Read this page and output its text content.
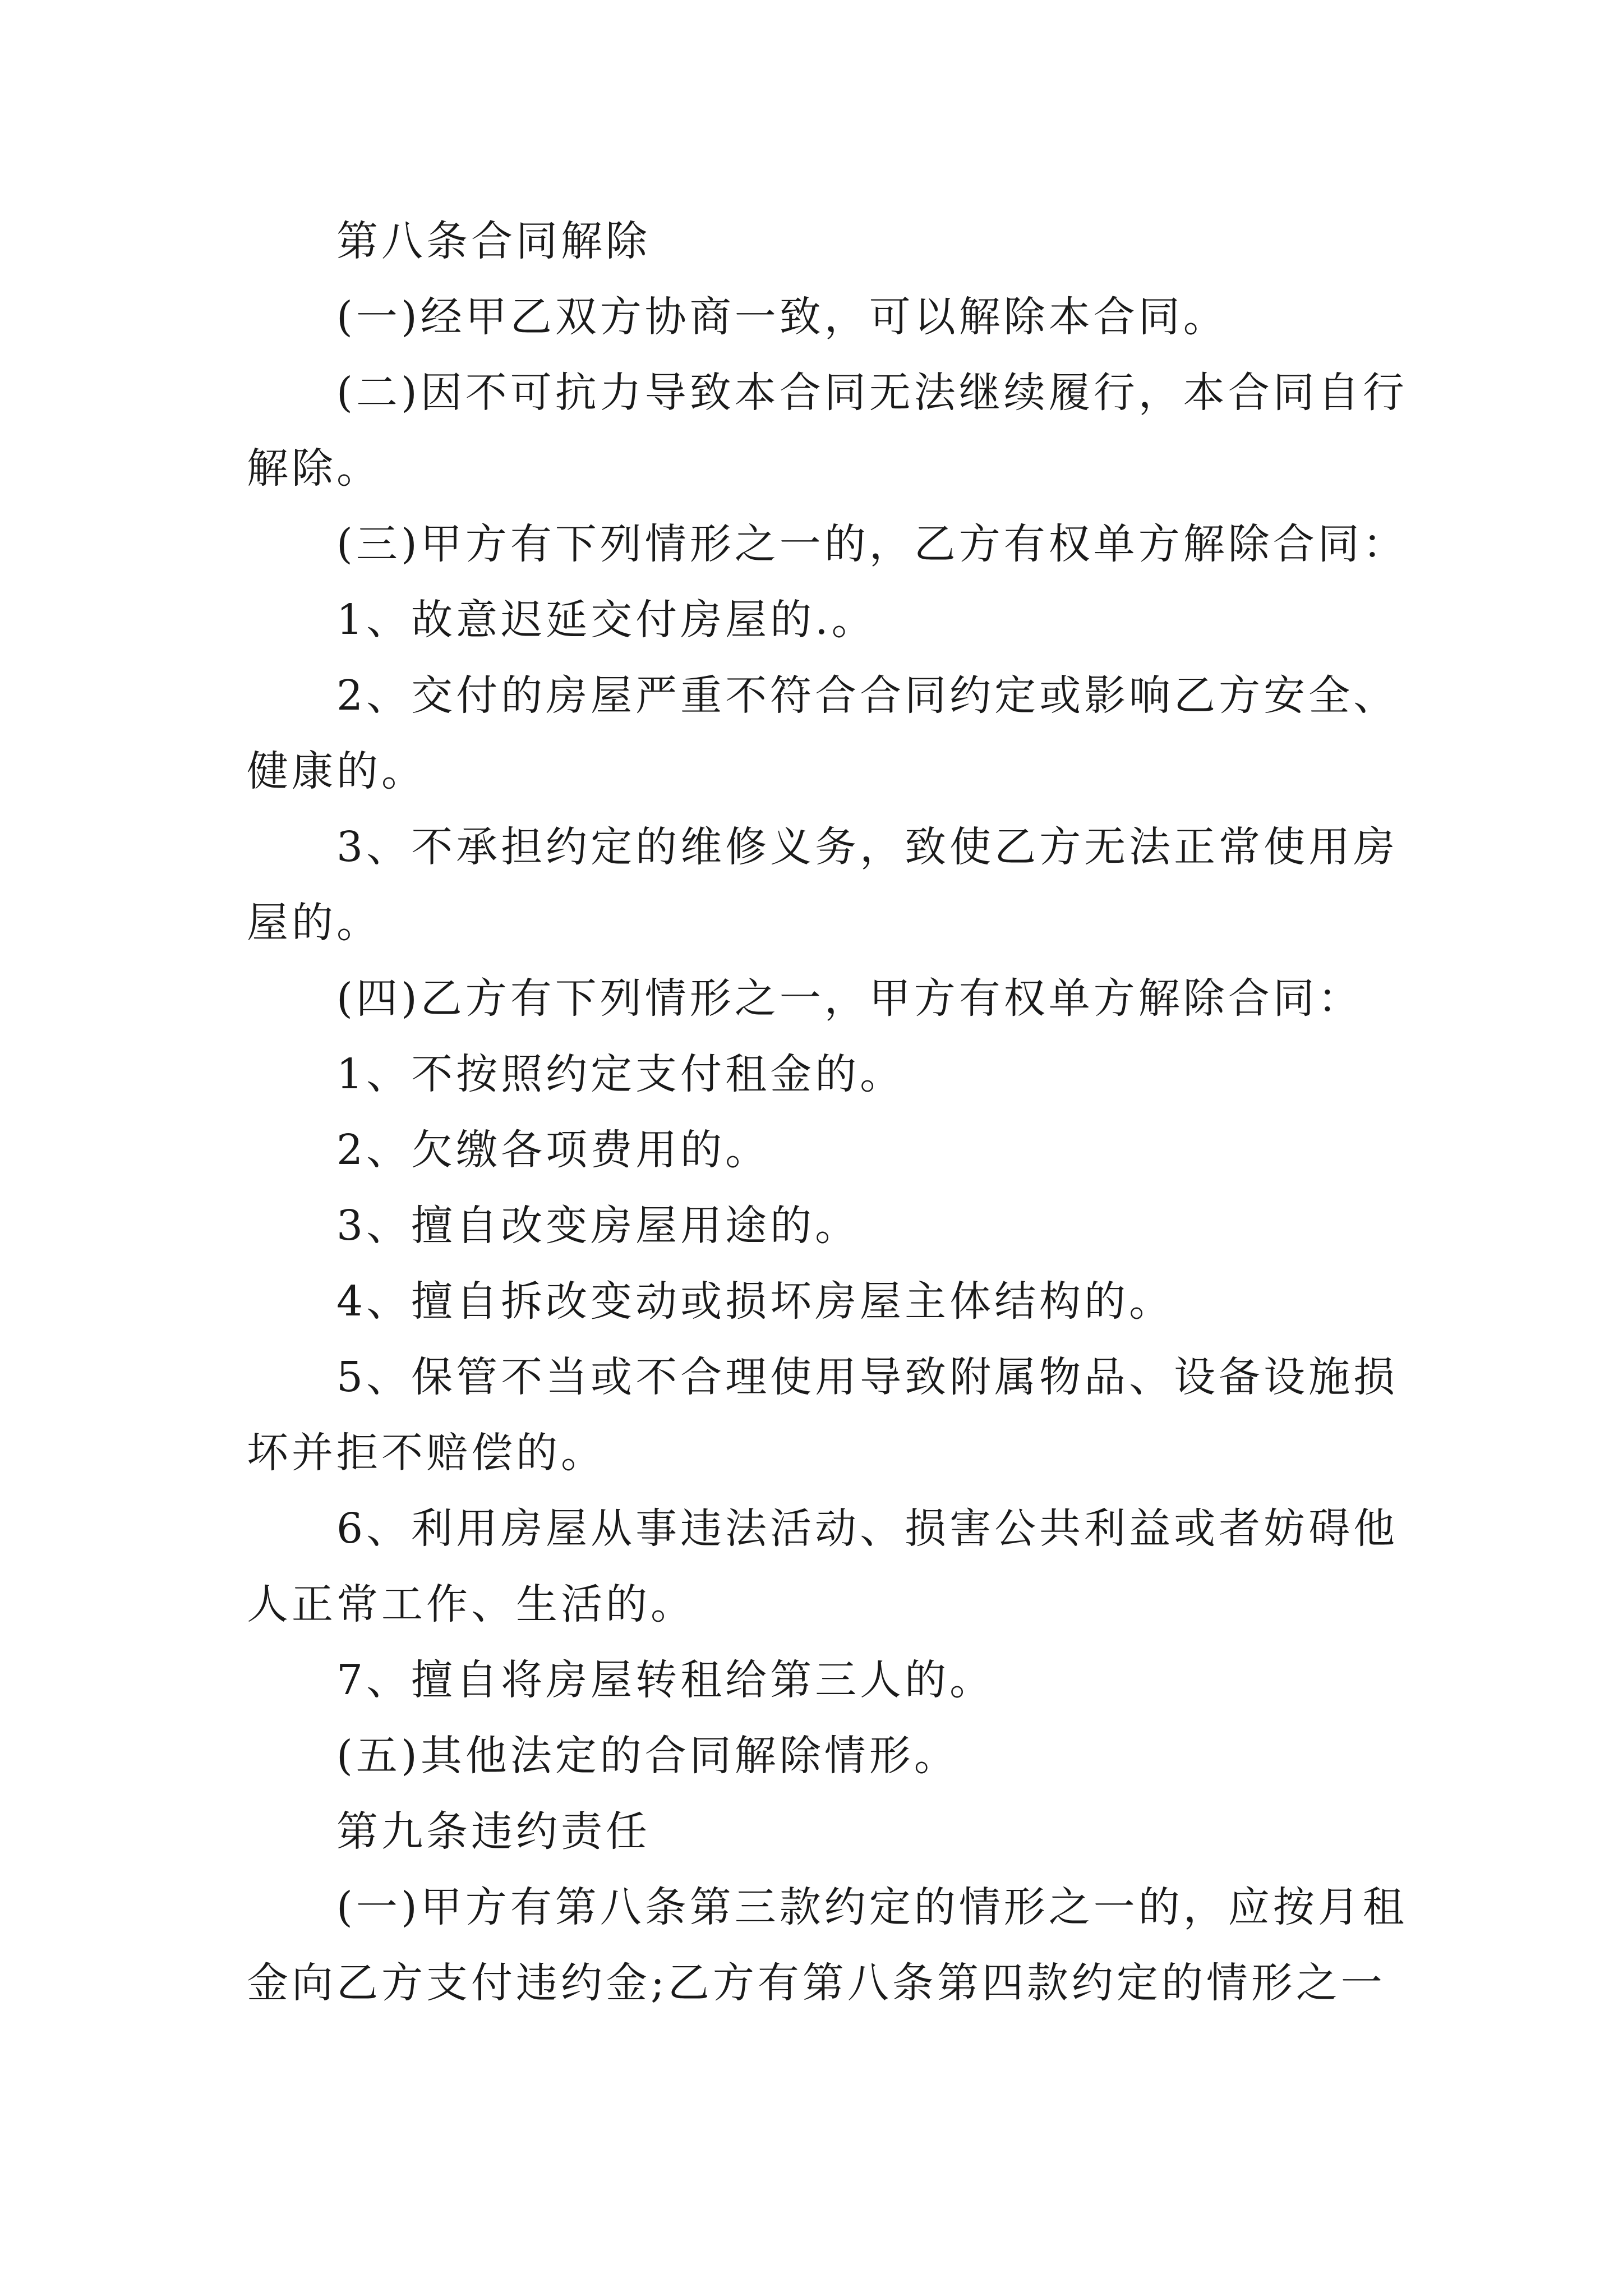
第八条合同解除
(一)经甲乙双方协商一致，可以解除本合同。
(二)因不可抗力导致本合同无法继续履行，本合同自行
解除。
(三)甲方有下列情形之一的，乙方有权单方解除合同：
1、故意迟延交付房屋的.。
2、交付的房屋严重不符合合同约定或影响乙方安全、
健康的。
3、不承担约定的维修义务，致使乙方无法正常使用房
屋的。
(四)乙方有下列情形之一，甲方有权单方解除合同：
1、不按照约定支付租金的。
2、欠缴各项费用的。
3、擅自改变房屋用途的。
4、擅自拆改变动或损坏房屋主体结构的。
5、保管不当或不合理使用导致附属物品、设备设施损
坏并拒不赔偿的。
6、利用房屋从事违法活动、损害公共利益或者妨碍他
人正常工作、生活的。
7、擅自将房屋转租给第三人的。
(五)其他法定的合同解除情形。
第九条违约责任
(一)甲方有第八条第三款约定的情形之一的，应按月租
金向乙方支付违约金;乙方有第八条第四款约定的情形之一
